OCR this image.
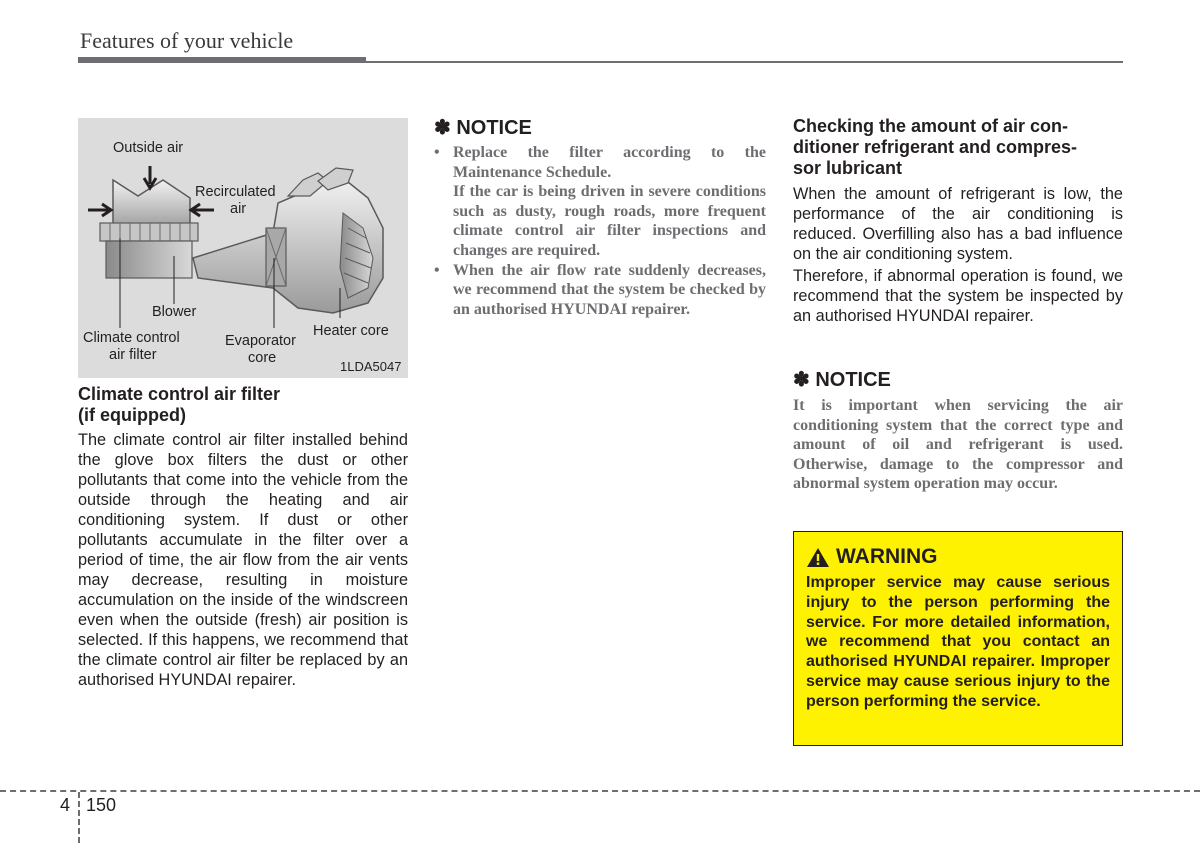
Features of your vehicle
Outside air
Recirculated
air
Blower
Heater core
Climate control
air filter
Evaporator
core
1LDA5047
Climate control air filter
(if equipped)
The climate control air filter installed behind the glove box filters the dust or other pollutants that come into the vehicle from the outside through the heating and air conditioning system. If dust or other pollutants accumulate in the filter over a period of time, the air flow from the air vents may decrease, resulting in moisture accumulation on the inside of the windscreen even when the outside (fresh) air position is selected. If this happens, we recommend that the climate control air filter be replaced by an authorised HYUNDAI repairer.
✽ NOTICE
• Replace the filter according to the Maintenance Schedule.
If the car is being driven in severe conditions such as dusty, rough roads, more frequent climate control air filter inspections and changes are required.
• When the air flow rate suddenly decreases, we recommend that the system be checked by an authorised HYUNDAI repairer.
Checking the amount of air con-
ditioner refrigerant and compres-
sor lubricant

When the amount of refrigerant is low, the performance of the air conditioning is reduced. Overfilling also has a bad influence on the air conditioning system.

Therefore, if abnormal operation is found, we recommend that the system be inspected by an authorised HYUNDAI repairer.

✽ NOTICE
It is important when servicing the air conditioning system that the correct type and amount of oil and refrigerant is used. Otherwise, damage to the compressor and abnormal system operation may occur.
WARNING
Improper service may cause serious injury to the person performing the service. For more detailed information, we recommend that you contact an authorised HYUNDAI repairer. Improper service may cause serious injury to the person performing the service.
4 150
